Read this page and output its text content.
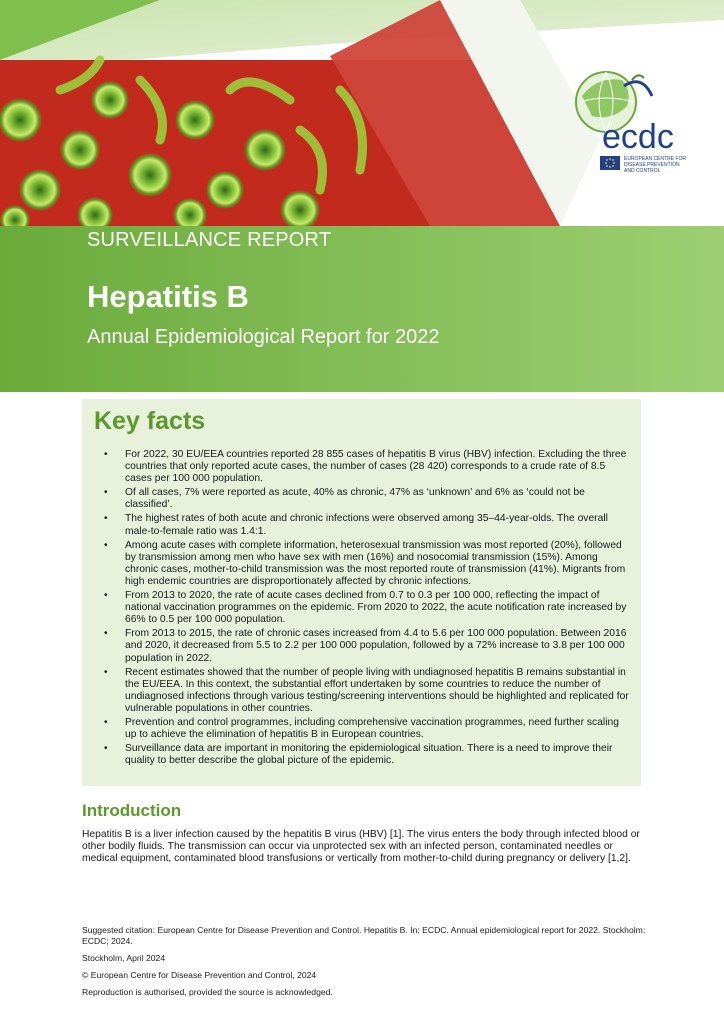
ecdc
EUROPEAN CENTRE FOR
DISEASE PREVENTION
AND CONTROL
SURVEILLANCE REPORT
Hepatitis B
Annual Epidemiological Report for 2022
Key facts
• For 2022, 30 EU/EEA countries reported 28 855 cases of hepatitis B virus (HBV) infection. Excluding the three countries that only reported acute cases, the number of cases (28 420) corresponds to a crude rate of 8.5 cases per 100 000 population.
• Of all cases, 7% were reported as acute, 40% as chronic, 47% as ‘unknown’ and 6% as ‘could not be classified’.
• The highest rates of both acute and chronic infections were observed among 35–44-year-olds. The overall male-to-female ratio was 1.4:1.
• Among acute cases with complete information, heterosexual transmission was most reported (20%), followed by transmission among men who have sex with men (16%) and nosocomial transmission (15%). Among chronic cases, mother-to-child transmission was the most reported route of transmission (41%). Migrants from high endemic countries are disproportionately affected by chronic infections.
• From 2013 to 2020, the rate of acute cases declined from 0.7 to 0.3 per 100 000, reflecting the impact of national vaccination programmes on the epidemic. From 2020 to 2022, the acute notification rate increased by 66% to 0.5 per 100 000 population.
• From 2013 to 2015, the rate of chronic cases increased from 4.4 to 5.6 per 100 000 population. Between 2016 and 2020, it decreased from 5.5 to 2.2 per 100 000 population, followed by a 72% increase to 3.8 per 100 000 population in 2022.
• Recent estimates showed that the number of people living with undiagnosed hepatitis B remains substantial in the EU/EEA. In this context, the substantial effort undertaken by some countries to reduce the number of undiagnosed infections through various testing/screening interventions should be highlighted and replicated for vulnerable populations in other countries.
• Prevention and control programmes, including comprehensive vaccination programmes, need further scaling up to achieve the elimination of hepatitis B in European countries.
• Surveillance data are important in monitoring the epidemiological situation. There is a need to improve their quality to better describe the global picture of the epidemic.
Introduction

Hepatitis B is a liver infection caused by the hepatitis B virus (HBV) [1]. The virus enters the body through infected blood or other bodily fluids. The transmission can occur via unprotected sex with an infected person, contaminated needles or medical equipment, contaminated blood transfusions or vertically from mother-to-child during pregnancy or delivery [1,2].

Suggested citation: European Centre for Disease Prevention and Control. Hepatitis B. In: ECDC. Annual epidemiological report for 2022. Stockholm: ECDC; 2024.

Stockholm, April 2024

© European Centre for Disease Prevention and Control, 2024

Reproduction is authorised, provided the source is acknowledged.
